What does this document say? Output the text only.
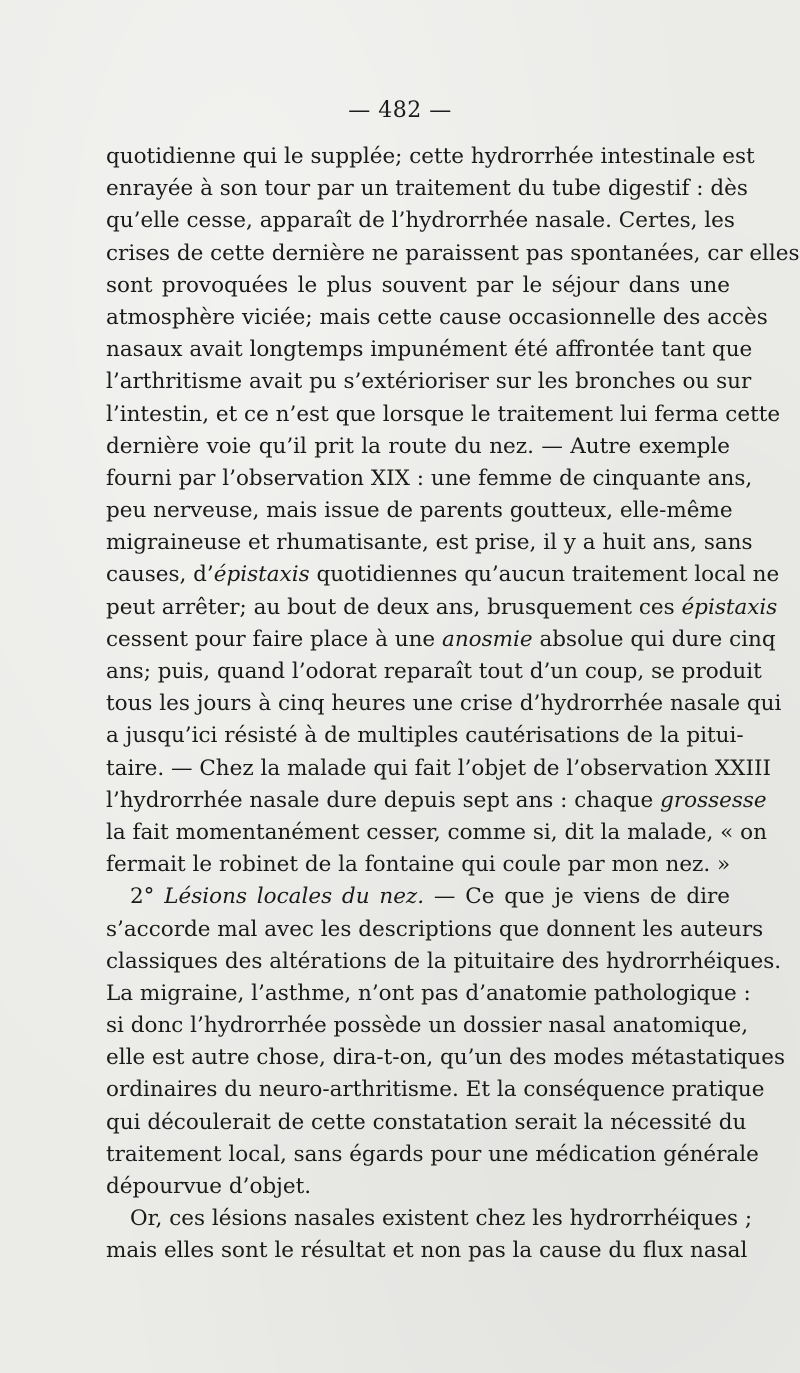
— 482 —
quotidienne qui le supplée; cette hydrorrhée intestinale est
enrayée à son tour par un traitement du tube digestif : dès
qu’elle cesse, apparaît de l’hydrorrhée nasale. Certes, les
crises de cette dernière ne paraissent pas spontanées, car elles
sont provoquées le plus souvent par le séjour dans une
atmosphère viciée; mais cette cause occasionnelle des accès
nasaux avait longtemps impunément été affrontée tant que
l’arthritisme avait pu s’extérioriser sur les bronches ou sur
l’intestin, et ce n’est que lorsque le traitement lui ferma cette
dernière voie qu’il prit la route du nez. — Autre exemple
fourni par l’observation XIX : une femme de cinquante ans,
peu nerveuse, mais issue de parents goutteux, elle-même
migraineuse et rhumatisante, est prise, il y a huit ans, sans
causes, d’épistaxis quotidiennes qu’aucun traitement local ne
peut arrêter; au bout de deux ans, brusquement ces épistaxis
cessent pour faire place à une anosmie absolue qui dure cinq
ans; puis, quand l’odorat reparaît tout d’un coup, se produit
tous les jours à cinq heures une crise d’hydrorrhée nasale qui
a jusqu’ici résisté à de multiples cautérisations de la pitui-
taire. — Chez la malade qui fait l’objet de l’observation XXIII
l’hydrorrhée nasale dure depuis sept ans : chaque grossesse
la fait momentanément cesser, comme si, dit la malade, « on
fermait le robinet de la fontaine qui coule par mon nez. »
2° Lésions locales du nez. — Ce que je viens de dire
s’accorde mal avec les descriptions que donnent les auteurs
classiques des altérations de la pituitaire des hydrorrhéiques.
La migraine, l’asthme, n’ont pas d’anatomie pathologique :
si donc l’hydrorrhée possède un dossier nasal anatomique,
elle est autre chose, dira-t-on, qu’un des modes métastatiques
ordinaires du neuro-arthritisme. Et la conséquence pratique
qui découlerait de cette constatation serait la nécessité du
traitement local, sans égards pour une médication générale
dépourvue d’objet.
Or, ces lésions nasales existent chez les hydrorrhéiques ;
mais elles sont le résultat et non pas la cause du flux nasal
